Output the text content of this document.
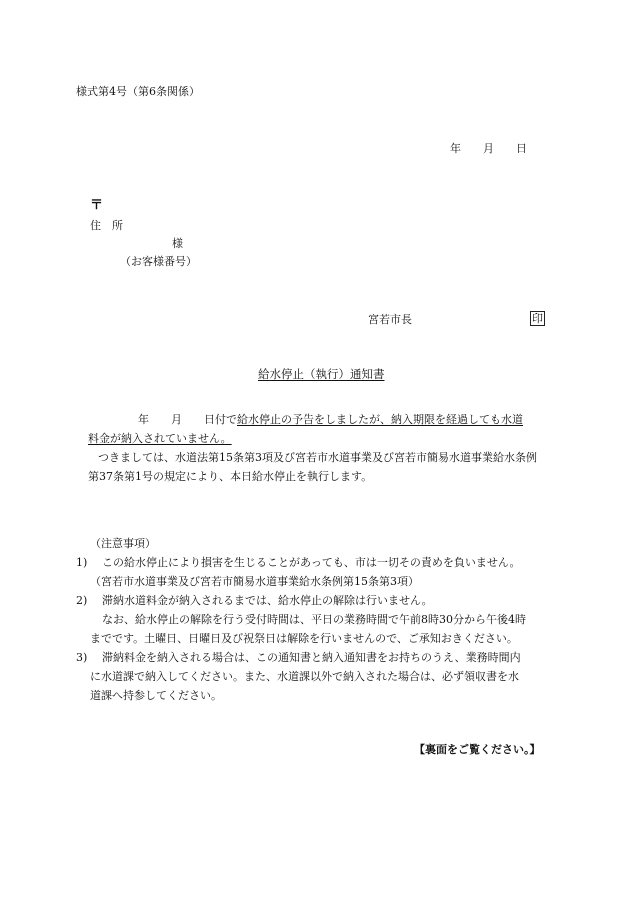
様式第4号（第6条関係）
年　　月　　日
〒
住　所
様
（お客様番号）
宮若市長	印
給水停止（執行）通知書
年　　月　　日付で給水停止の予告をしましたが、納入期限を経過しても水道
料金が納入されていません。
つきましては、水道法第15条第3項及び宮若市水道事業及び宮若市簡易水道事業給水条例
第37条第1号の規定により、本日給水停止を執行します。
（注意事項）
1) この給水停止により損害を生じることがあっても、市は一切その責めを負いません。
（宮若市水道事業及び宮若市簡易水道事業給水条例第15条第3項）
2) 滞納水道料金が納入されるまでは、給水停止の解除は行いません。
なお、給水停止の解除を行う受付時間は、平日の業務時間で午前8時30分から午後4時
までです。土曜日、日曜日及び祝祭日は解除を行いませんので、ご承知おきください。
3) 滞納料金を納入される場合は、この通知書と納入通知書をお持ちのうえ、業務時間内
に水道課で納入してください。また、水道課以外で納入された場合は、必ず領収書を水
道課へ持参してください。
【裏面をご覧ください。】
